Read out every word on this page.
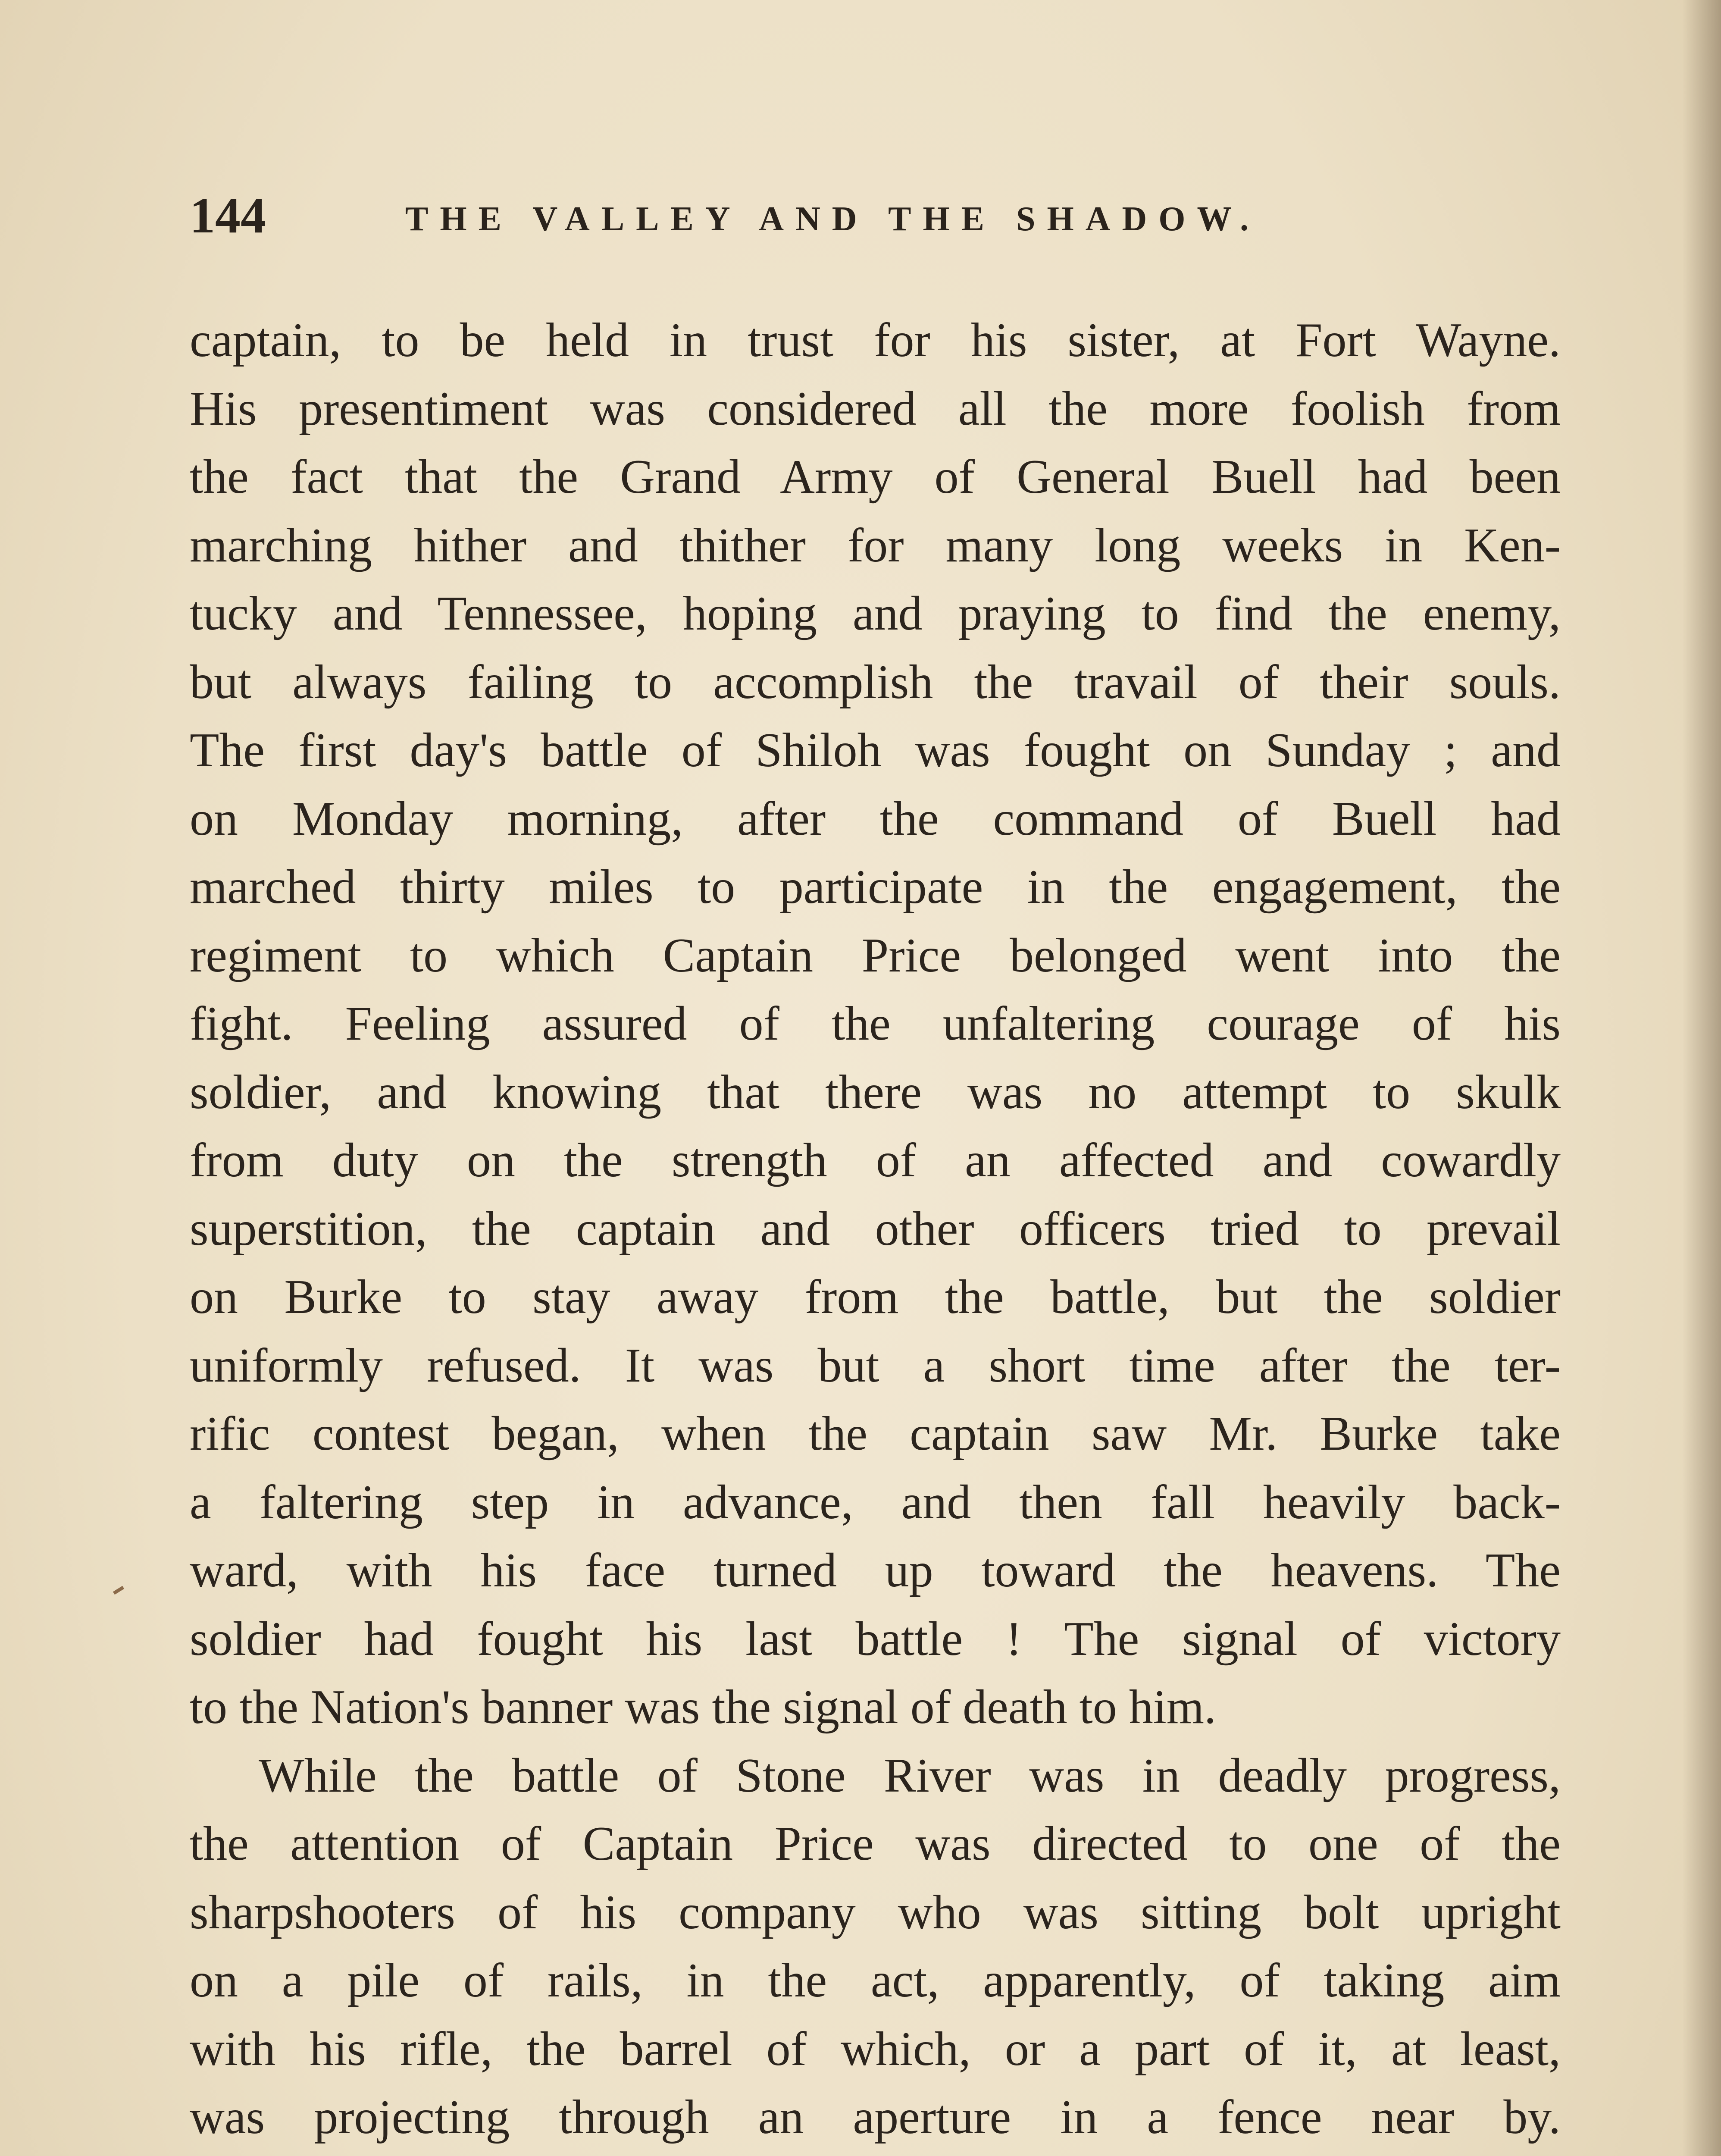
144	THE VALLEY AND THE SHADOW.
captain, to be held in trust for his sister, at Fort Wayne.
His presentiment was considered all the more foolish from
the fact that the Grand Army of General Buell had been
marching hither and thither for many long weeks in Ken-
tucky and Tennessee, hoping and praying to find the enemy,
but always failing to accomplish the travail of their souls.
The first day's battle of Shiloh was fought on Sunday ; and
on Monday morning, after the command of Buell had
marched thirty miles to participate in the engagement, the
regiment to which Captain Price belonged went into the
fight. Feeling assured of the unfaltering courage of his
soldier, and knowing that there was no attempt to skulk
from duty on the strength of an affected and cowardly
superstition, the captain and other officers tried to prevail
on Burke to stay away from the battle, but the soldier
uniformly refused. It was but a short time after the ter-
rific contest began, when the captain saw Mr. Burke take
a faltering step in advance, and then fall heavily back-
ward, with his face turned up toward the heavens. The
soldier had fought his last battle ! The signal of victory
to the Nation's banner was the signal of death to him.
While the battle of Stone River was in deadly progress,
the attention of Captain Price was directed to one of the
sharpshooters of his company who was sitting bolt upright
on a pile of rails, in the act, apparently, of taking aim
with his rifle, the barrel of which, or a part of it, at least,
was projecting through an aperture in a fence near by.
